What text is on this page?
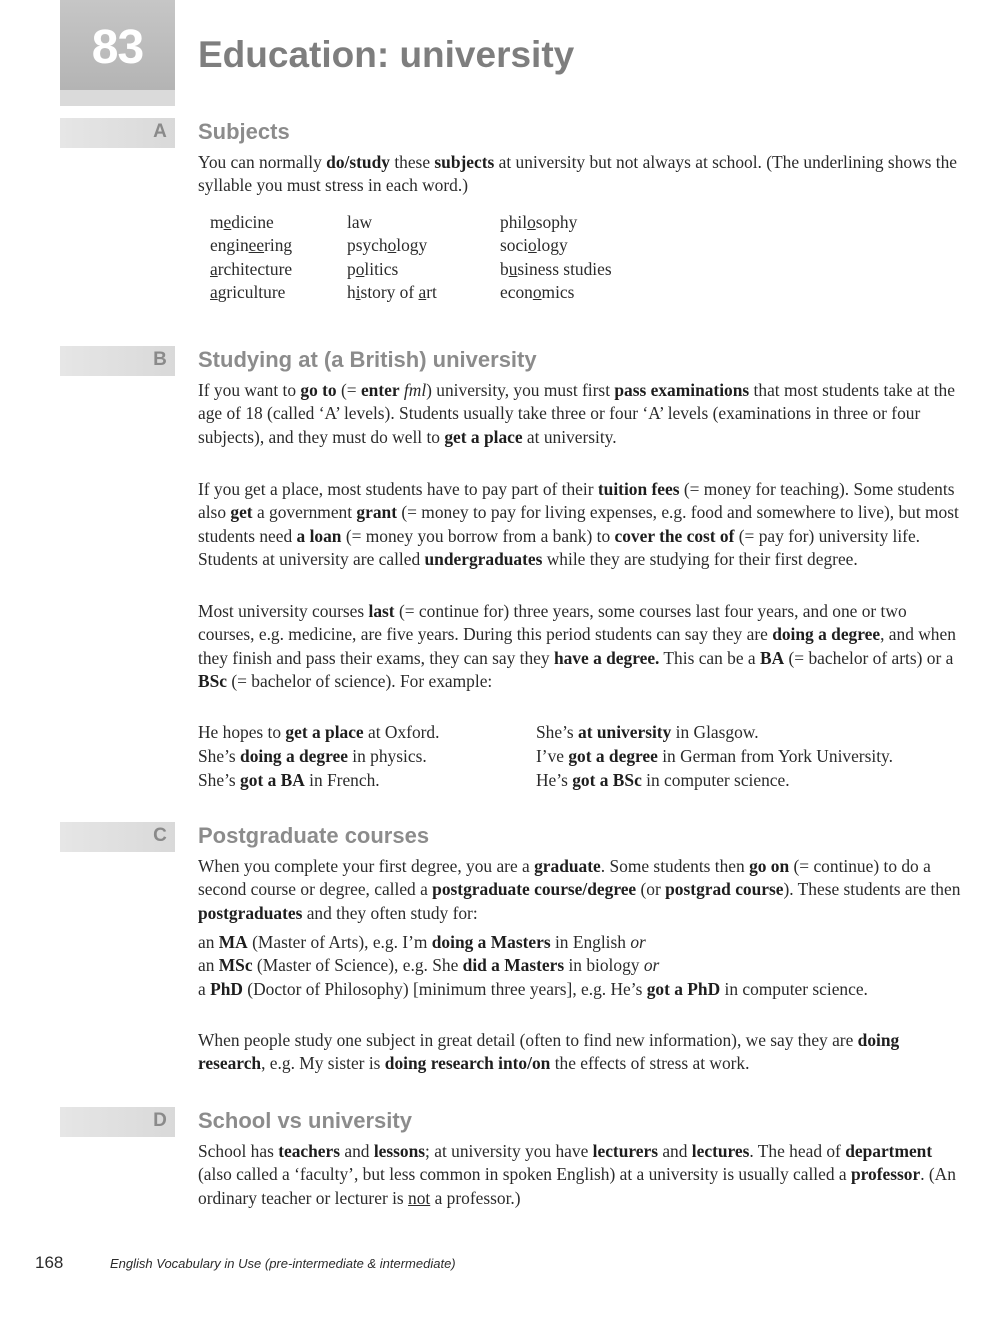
83	Education: university
A Subjects
You can normally do/study these subjects at university but not always at school. (The underlining shows the syllable you must stress in each word.)
medicine
engineering
architecture
agriculture
law
psychology
politics
history of art
philosophy
sociology
business studies
economics
B Studying at (a British) university
If you want to go to (= enter fml) university, you must first pass examinations that most students take at the age of 18 (called ‘A’ levels). Students usually take three or four ‘A’ levels (examinations in three or four subjects), and they must do well to get a place at university.
If you get a place, most students have to pay part of their tuition fees (= money for teaching). Some students also get a government grant (= money to pay for living expenses, e.g. food and somewhere to live), but most students need a loan (= money you borrow from a bank) to cover the cost of (= pay for) university life. Students at university are called undergraduates while they are studying for their first degree.
Most university courses last (= continue for) three years, some courses last four years, and one or two courses, e.g. medicine, are five years. During this period students can say they are doing a degree, and when they finish and pass their exams, they can say they have a degree. This can be a BA (= bachelor of arts) or a BSc (= bachelor of science). For example:
He hopes to get a place at Oxford.
She’s doing a degree in physics.
She’s got a BA in French.
She’s at university in Glasgow.
I’ve got a degree in German from York University.
He’s got a BSc in computer science.
C Postgraduate courses
When you complete your first degree, you are a graduate. Some students then go on (= continue) to do a second course or degree, called a postgraduate course/degree (or postgrad course). These students are then postgraduates and they often study for:
an MA (Master of Arts), e.g. I’m doing a Masters in English or
an MSc (Master of Science), e.g. She did a Masters in biology or
a PhD (Doctor of Philosophy) [minimum three years], e.g. He’s got a PhD in computer science.
When people study one subject in great detail (often to find new information), we say they are doing research, e.g. My sister is doing research into/on the effects of stress at work.
D School vs university
School has teachers and lessons; at university you have lecturers and lectures. The head of department (also called a ‘faculty’, but less common in spoken English) at a university is usually called a professor. (An ordinary teacher or lecturer is not a professor.)
168	English Vocabulary in Use (pre-intermediate & intermediate)
